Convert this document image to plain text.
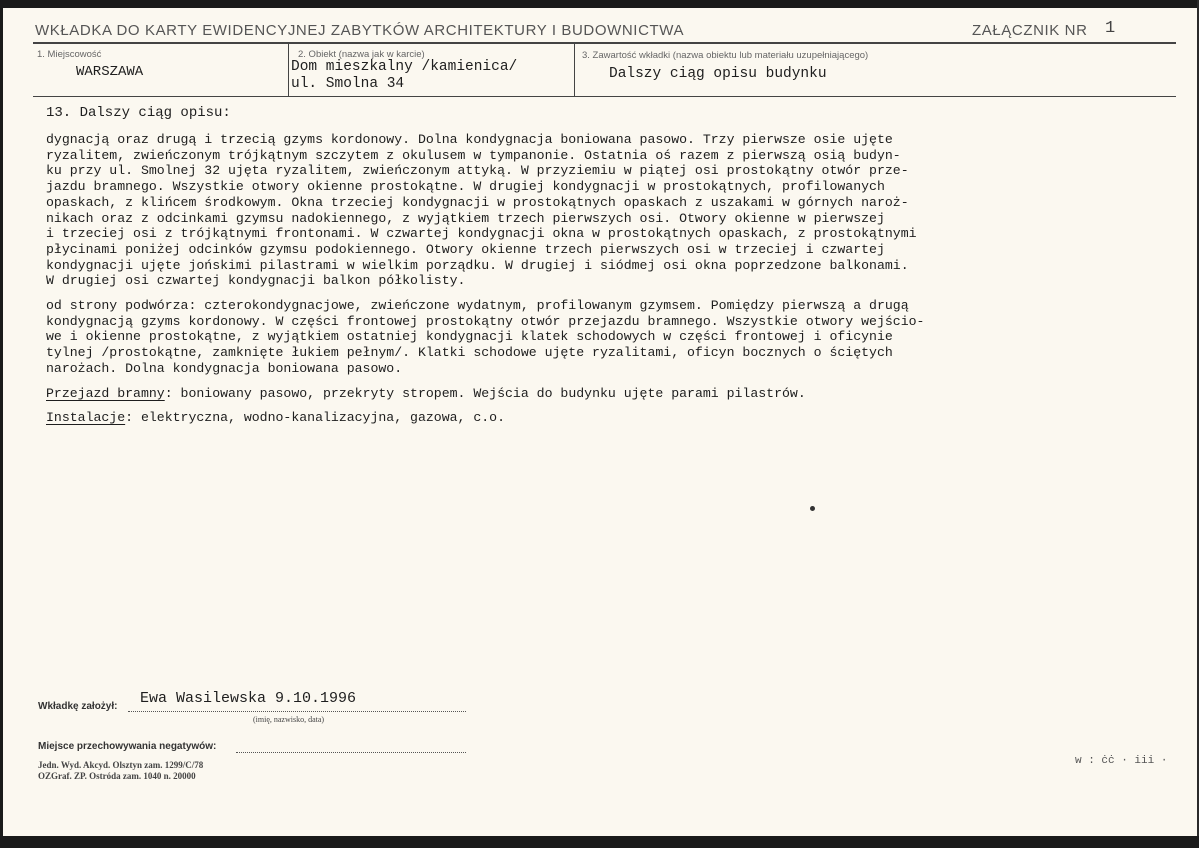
WKŁADKA DO KARTY EWIDENCYJNEJ ZABYTKÓW ARCHITEKTURY I BUDOWNICTWA	ZAŁĄCZNIK NR 1
1. Miejscowość
WARSZAWA
2. Obiekt (nazwa jak w karcie)
Dom mieszkalny /kamienica/
ul. Smolna 34
3. Zawartość wkładki (nazwa obiektu lub materiału uzupełniającego)
Dalszy ciąg opisu budynku
13. Dalszy ciąg opisu:
dygnacją oraz drugą i trzecią gzyms kordonowy. Dolna kondygnacja boniowana pasowo. Trzy pierwsze osie ujęte
ryzalitem, zwieńczonym trójkątnym szczytem z okulusem w tympanonie. Ostatnia oś razem z pierwszą osią budyn-
ku przy ul. Smolnej 32 ujęta ryzalitem, zwieńczonym attyką. W przyziemiu w piątej osi prostokątny otwór prze-
jazdu bramnego. Wszystkie otwory okienne prostokątne. W drugiej kondygnacji w prostokątnych, profilowanych
opaskach, z klińcem środkowym. Okna trzeciej kondygnacji w prostokątnych opaskach z uszakami w górnych naroż-
nikach oraz z odcinkami gzymsu nadokiennego, z wyjątkiem trzech pierwszych osi. Otwory okienne w pierwszej
i trzeciej osi z trójkątnymi frontonami. W czwartej kondygnacji okna w prostokątnych opaskach, z prostokątnymi
płycinami poniżej odcinków gzymsu podokiennego. Otwory okienne trzech pierwszych osi w trzeciej i czwartej
kondygnacji ujęte jońskimi pilastrami w wielkim porządku. W drugiej i siódmej osi okna poprzedzone balkonami.
W drugiej osi czwartej kondygnacji balkon półkolisty.
od strony podwórza: czterokondygnacjowe, zwieńczone wydatnym, profilowanym gzymsem. Pomiędzy pierwszą a drugą
kondygnacją gzyms kordonowy. W części frontowej prostokątny otwór przejazdu bramnego. Wszystkie otwory wejścio-
we i okienne prostokątne, z wyjątkiem ostatniej kondygnacji klatek schodowych w części frontowej i oficynie
tylnej /prostokątne, zamknięte łukiem pełnym/. Klatki schodowe ujęte ryzalitami, oficyn bocznych o ściętych
narożach. Dolna kondygnacja boniowana pasowo.
Przejazd bramny: boniowany pasowo, przekryty stropem. Wejścia do budynku ujęte parami pilastrów.
Instalacje: elektryczna, wodno-kanalizacyjna, gazowa, c.o.
Wkładkę założył: Ewa Wasilewska 9.10.1996
(imię, nazwisko, data)
Miejsce przechowywania negatywów:
Jedn. Wyd. Akcyd. Olsztyn zam. 1299/C/78
OZGraf. ZP. Ostróda zam. 1040 n. 20000
w : ċċ · iii ·
